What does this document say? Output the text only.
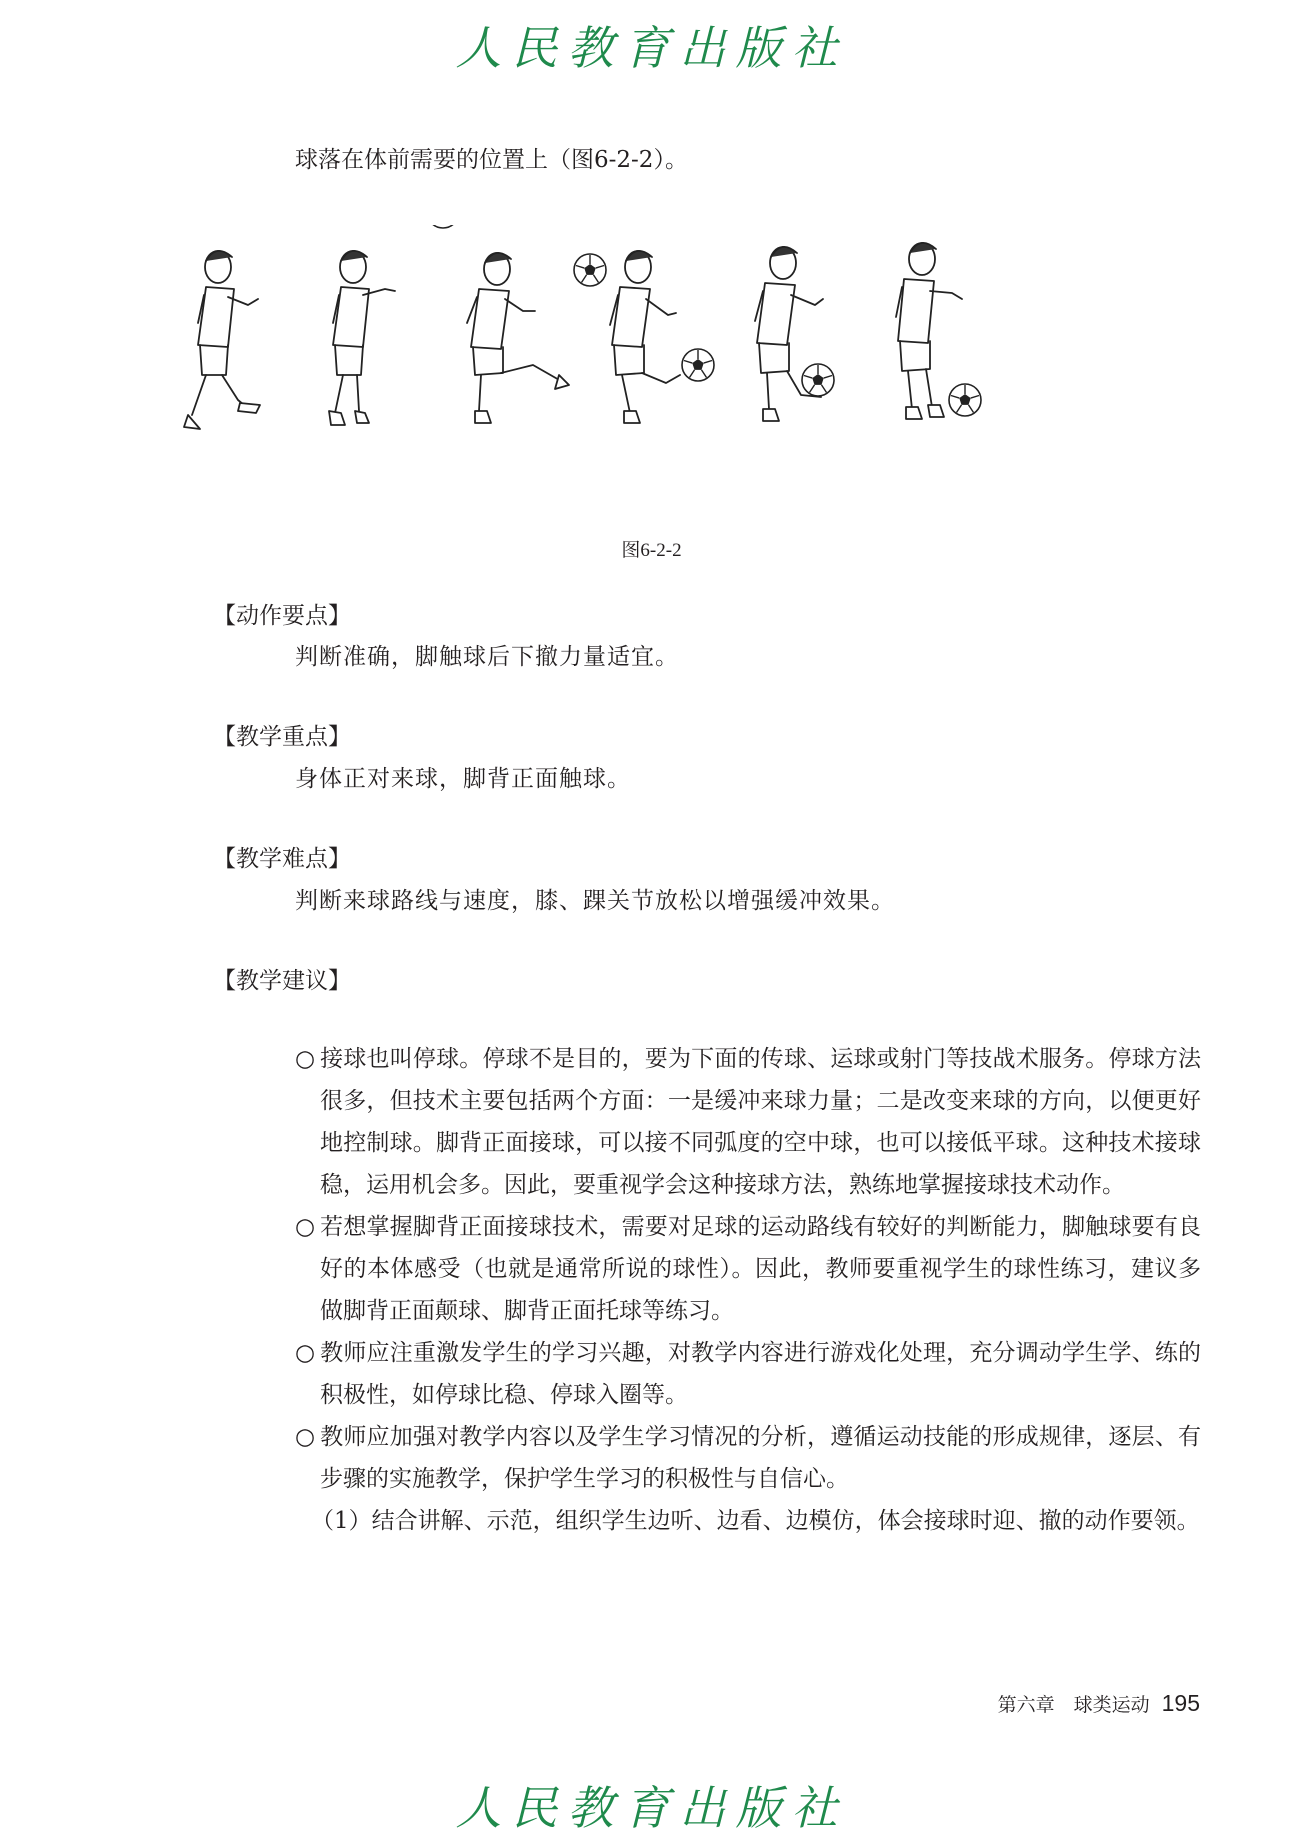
人民教育出版社
球落在体前需要的位置上（图6-2-2）。
图6-2-2
【动作要点】
判断准确，脚触球后下撤力量适宜。
【教学重点】
身体正对来球，脚背正面触球。
【教学难点】
判断来球路线与速度，膝、踝关节放松以增强缓冲效果。
【教学建议】

○ 接球也叫停球。停球不是目的，要为下面的传球、运球或射门等技战术服务。停球方法很多，但技术主要包括两个方面：一是缓冲来球力量；二是改变来球的方向，以便更好地控制球。脚背正面接球，可以接不同弧度的空中球，也可以接低平球。这种技术接球稳，运用机会多。因此，要重视学会这种接球方法，熟练地掌握接球技术动作。

○ 若想掌握脚背正面接球技术，需要对足球的运动路线有较好的判断能力，脚触球要有良好的本体感受（也就是通常所说的球性）。因此，教师要重视学生的球性练习，建议多做脚背正面颠球、脚背正面托球等练习。

○ 教师应注重激发学生的学习兴趣，对教学内容进行游戏化处理，充分调动学生学、练的积极性，如停球比稳、停球入圈等。

○ 教师应加强对教学内容以及学生学习情况的分析，遵循运动技能的形成规律，逐层、有步骤的实施教学，保护学生学习的积极性与自信心。

（1）结合讲解、示范，组织学生边听、边看、边模仿，体会接球时迎、撤的动作要领。

第六章　球类运动 195
人民教育出版社
